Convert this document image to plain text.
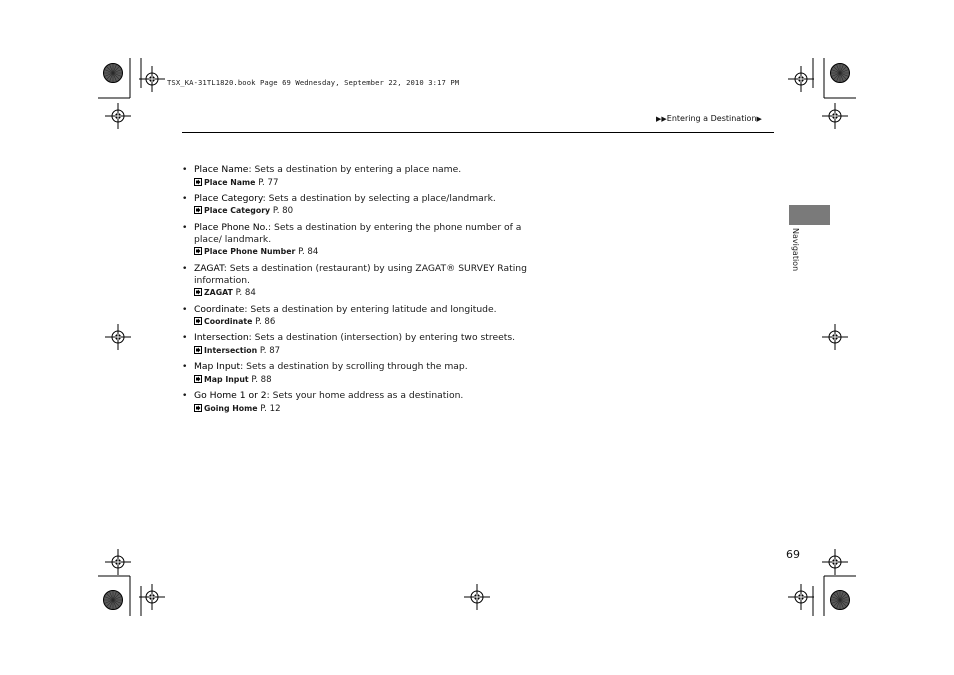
TSX_KA-31TL1820.book Page 69 Wednesday, September 22, 2010 3:17 PM
▶▶Entering a Destination▶
Navigation
• Place Name: Sets a destination by entering a place name.
Place Name P. 77
• Place Category: Sets a destination by selecting a place/landmark.
Place Category P. 80
• Place Phone No.: Sets a destination by entering the phone number of a place/ landmark.
Place Phone Number P. 84
• ZAGAT: Sets a destination (restaurant) by using ZAGAT® SURVEY Rating information.
ZAGAT P. 84
• Coordinate: Sets a destination by entering latitude and longitude.
Coordinate P. 86
• Intersection: Sets a destination (intersection) by entering two streets.
Intersection P. 87
• Map Input: Sets a destination by scrolling through the map.
Map Input P. 88
• Go Home 1 or 2: Sets your home address as a destination.
Going Home P. 12
69
